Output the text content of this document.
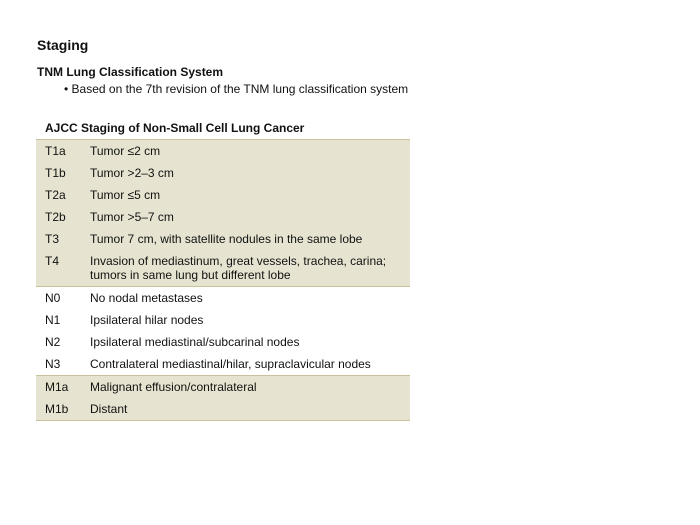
Staging
TNM Lung Classification System

• Based on the 7th revision of the TNM lung classification system

AJCC Staging of Non-Small Cell Lung Cancer
T1a	Tumor ≤2 cm
T1b	Tumor >2–3 cm
T2a	Tumor ≤5 cm
T2b	Tumor >5–7 cm
T3	Tumor 7 cm, with satellite nodules in the same lobe
T4	Invasion of mediastinum, great vessels, trachea, carina; tumors in same lung but different lobe
N0	No nodal metastases
N1	Ipsilateral hilar nodes
N2	Ipsilateral mediastinal/subcarinal nodes
N3	Contralateral mediastinal/hilar, supraclavicular nodes
M1a	Malignant effusion/contralateral
M1b	Distant
